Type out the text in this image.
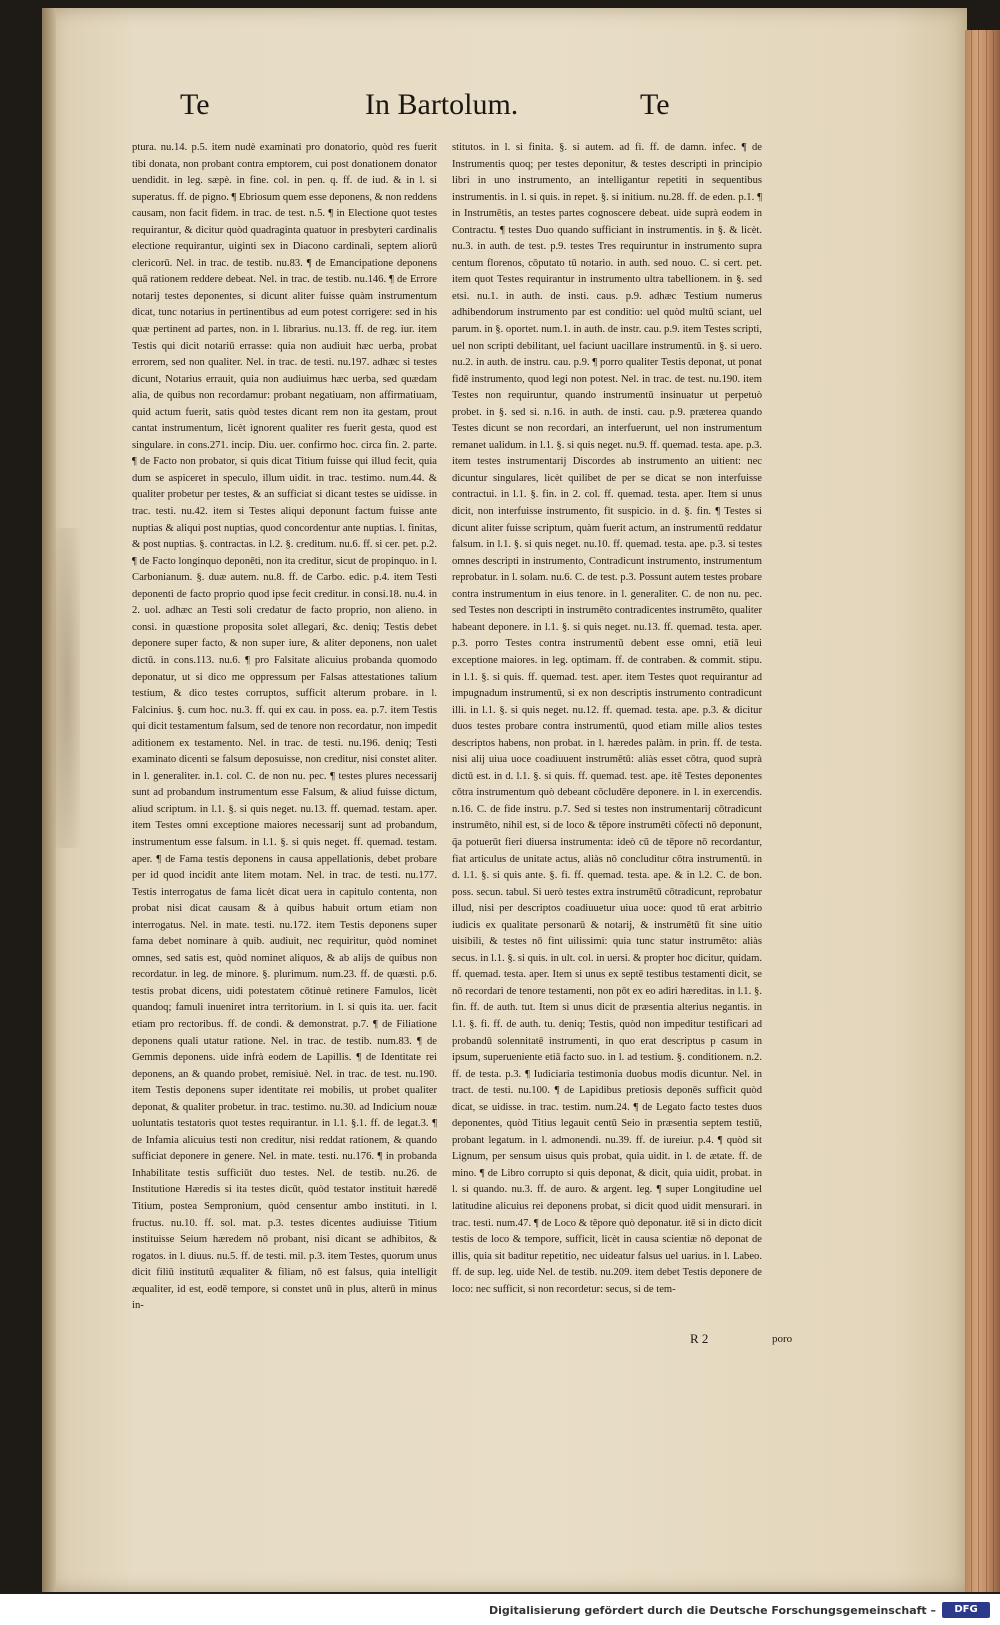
Te	In Bartolum.	Te

ptura. nu.14. p.5. item nudè examinati pro donatorio, quòd res fuerit tibi donata, non probant contra emptorem, cui post donationem donator uendidit. in leg. sæpè. in fine. col. in pen. q. ff. de iud. & in l. si superatus. ff. de pigno. ¶ Ebriosum quem esse deponens, & non reddens causam, non facit fidem. in trac. de test. n.5. ¶ in Electione quot testes requirantur, & dicitur quòd quadraginta quatuor in presbyteri cardinalis electione requirantur, uiginti sex in Diacono cardinali, septem aliorū clericorū. Nel. in trac. de testib. nu.83. ¶ de Emancipatione deponens quā rationem reddere debeat. Nel. in trac. de testib. nu.146. ¶ de Errore notarij testes deponentes, si dicunt aliter fuisse quàm instrumentum dicat, tunc notarius in pertinentibus ad eum potest corrigere: sed in his quæ pertinent ad partes, non. in l. librarius. nu.13. ff. de reg. iur. item Testis qui dicit notariū errasse: quia non audiuit hæc uerba, probat errorem, sed non qualiter. Nel. in trac. de testi. nu.197. adhæc si testes dicunt, Notarius errauit, quia non audiuimus hæc uerba, sed quædam alia, de quibus non recordamur: probant negatiuam, non affirmatiuam, quid actum fuerit, satis quòd testes dicant rem non ita gestam, prout cantat instrumentum, licèt ignorent qualiter res fuerit gesta, quod est singulare. in cons.271. incip. Diu. uer. confirmo hoc. circa fin. 2. parte. ¶ de Facto non probator, si quis dicat Titium fuisse qui illud fecit, quia dum se aspiceret in speculo, illum uidit. in trac. testimo. num.44. & qualiter probetur per testes, & an sufficiat si dicant testes se uidisse. in trac. testi. nu.42. item si Testes aliqui deponunt factum fuisse ante nuptias & aliqui post nuptias, quod concordentur ante nuptias. l. finitas, & post nuptias. §. contractas. in l.2. §. creditum. nu.6. ff. si cer. pet. p.2. ¶ de Facto longinquo deponēti, non ita creditur, sicut de propinquo. in l. Carbonianum. §. duæ autem. nu.8. ff. de Carbo. edic. p.4. item Testi deponenti de facto proprio quod ipse fecit creditur. in consi.18. nu.4. in 2. uol. adhæc an Testi soli credatur de facto proprio, non alieno. in consi. in quæstione proposita solet allegari, &c. deniq; Testis debet deponere super facto, & non super iure, & aliter deponens, non ualet dictū. in cons.113. nu.6. ¶ pro Falsitate alicuius probanda quomodo deponatur, ut si dico me oppressum per Falsas attestationes talium testium, & dico testes corruptos, sufficit alterum probare. in l. Falcinius. §. cum hoc. nu.3. ff. qui ex cau. in poss. ea. p.7. item Testis qui dicit testamentum falsum, sed de tenore non recordatur, non impedit aditionem ex testamento. Nel. in trac. de testi. nu.196. deniq; Testi examinato dicenti se falsum deposuisse, non creditur, nisi constet aliter. in l. generaliter. in.1. col. C. de non nu. pec. ¶ testes plures necessarij sunt ad probandum instrumentum esse Falsum, & aliud fuisse dictum, aliud scriptum. in l.1. §. si quis neget. nu.13. ff. quemad. testam. aper. item Testes omni exceptione maiores necessarij sunt ad probandum, instrumentum esse falsum. in l.1. §. si quis neget. ff. quemad. testam. aper. ¶ de Fama testis deponens in causa appellationis, debet probare per id quod incidit ante litem motam. Nel. in trac. de testi. nu.177. Testis interrogatus de fama licèt dicat uera in capitulo contenta, non probat nisi dicat causam & à quibus habuit ortum etiam non interrogatus. Nel. in mate. testi. nu.172. item Testis deponens super fama debet nominare à quib. audiuit, nec requiritur, quòd nominet omnes, sed satis est, quòd nominet aliquos, & ab alijs de quibus non recordatur. in leg. de minore. §. plurimum. num.23. ff. de quæsti. p.6. testis probat dicens, uidi potestatem cōtinuè retinere Famulos, licèt quandoq; famuli inueniret intra territorium. in l. si quis ita. uer. facit etiam pro rectoribus. ff. de condi. & demonstrat. p.7. ¶ de Filiatione deponens quali utatur ratione. Nel. in trac. de testib. num.83. ¶ de Gemmis deponens. uide infrà eodem de Lapillis. ¶ de Identitate rei deponens, an & quando probet, remisiuè. Nel. in trac. de test. nu.190. item Testis deponens super identitate rei mobilis, ut probet qualiter deponat, & qualiter probetur. in trac. testimo. nu.30. ad Indicium nouæ uoluntatis testatoris quot testes requirantur. in l.1. §.1. ff. de legat.3. ¶ de Infamia alicuius testi non creditur, nisi reddat rationem, & quando sufficiat deponere in genere. Nel. in mate. testi. nu.176. ¶ in probanda Inhabilitate testis sufficiūt duo testes. Nel. de testib. nu.26. de Institutione Hæredis si ita testes dicūt, quòd testator instituit hæredē Titium, postea Sempronium, quòd censentur ambo instituti. in l. fructus. nu.10. ff. sol. mat. p.3. testes dicentes audiuisse Titium instituisse Seium hæredem nō probant, nisi dicant se adhibitos, & rogatos. in l. diuus. nu.5. ff. de testi. mil. p.3. item Testes, quorum unus dicit filiū institutū æqualiter & filiam, nō est falsus, quia intelligit æqualiter, id est, eodē tempore, si constet unū in plus, alterū in minus in-

stitutos. in l. si finita. §. si autem. ad fi. ff. de damn. infec. ¶ de Instrumentis quoq; per testes deponitur, & testes descripti in principio libri in uno instrumento, an intelligantur repetiti in sequentibus instrumentis. in l. si quis. in repet. §. si initium. nu.28. ff. de eden. p.1. ¶ in Instrumētis, an testes partes cognoscere debeat. uide suprà eodem in Contractu. ¶ testes Duo quando sufficiant in instrumentis. in §. & licèt. nu.3. in auth. de test. p.9. testes Tres requiruntur in instrumento supra centum florenos, cōputato tū notario. in auth. sed nouo. C. si cert. pet. item quot Testes requirantur in instrumento ultra tabellionem. in §. sed etsi. nu.1. in auth. de insti. caus. p.9. adhæc Testium numerus adhibendorum instrumento par est conditio: uel quòd multū sciant, uel parum. in §. oportet. num.1. in auth. de instr. cau. p.9. item Testes scripti, uel non scripti debilitant, uel faciunt uacillare instrumentū. in §. si uero. nu.2. in auth. de instru. cau. p.9. ¶ porro qualiter Testis deponat, ut ponat fidē instrumento, quod legi non potest. Nel. in trac. de test. nu.190. item Testes non requiruntur, quando instrumentū insinuatur ut perpetuò probet. in §. sed si. n.16. in auth. de insti. cau. p.9. præterea quando Testes dicunt se non recordari, an interfuerunt, uel non instrumentum remanet ualidum. in l.1. §. si quis neget. nu.9. ff. quemad. testa. ape. p.3. item testes instrumentarij Discordes ab instrumento an uitient: nec dicuntur singulares, licèt quilibet de per se dicat se non interfuisse contractui. in l.1. §. fin. in 2. col. ff. quemad. testa. aper. Item si unus dicit, non interfuisse instrumento, fit suspicio. in d. §. fin. ¶ Testes si dicunt aliter fuisse scriptum, quàm fuerit actum, an instrumentū reddatur falsum. in l.1. §. si quis neget. nu.10. ff. quemad. testa. ape. p.3. si testes omnes descripti in instrumento, Contradicunt instrumento, instrumentum reprobatur. in l. solam. nu.6. C. de test. p.3. Possunt autem testes probare contra instrumentum in eius tenore. in l. generaliter. C. de non nu. pec. sed Testes non descripti in instrumēto contradicentes instrumēto, qualiter habeant deponere. in l.1. §. si quis neget. nu.13. ff. quemad. testa. aper. p.3. porro Testes contra instrumentū debent esse omni, etiā leui exceptione maiores. in leg. optimam. ff. de contraben. & commit. stipu. in l.1. §. si quis. ff. quemad. test. aper. item Testes quot requirantur ad impugnadum instrumentū, si ex non descriptis instrumento contradicunt illi. in l.1. §. si quis neget. nu.12. ff. quemad. testa. ape. p.3. & dicitur duos testes probare contra instrumentū, quod etiam mille alios testes descriptos habens, non probat. in l. hæredes palàm. in prin. ff. de testa. nisi alij uiua uoce coadiuuent instrumētū: aliàs esset cōtra, quod suprà dictū est. in d. l.1. §. si quis. ff. quemad. test. ape. itē Testes deponentes cōtra instrumentum quò debeant cōcludēre deponere. in l. in exercendis. n.16. C. de fide instru. p.7. Sed si testes non instrumentarij cōtradicunt instrumēto, nihil est, si de loco & tēpore instrumēti cōfecti nō deponunt, q̃a potuerūt fieri diuersa instrumenta: ideò cū de tēpore nō recordantur, fiat articulus de unitate actus, aliàs nō concluditur cōtra instrumentū. in d. l.1. §. si quis ante. §. fi. ff. quemad. testa. ape. & in l.2. C. de bon. poss. secun. tabul. Si uerò testes extra instrumētū cōtradicunt, reprobatur illud, nisi per descriptos coadiuuetur uiua uoce: quod tū erat arbitrio iudicis ex qualitate personarū & notarij, & instrumētū fit sine uitio uisibili, & testes nō fint uilissimi: quia tunc statur instrumēto: aliàs secus. in l.1. §. si quis. in ult. col. in uersi. & propter hoc dicitur, quidam. ff. quemad. testa. aper. Item si unus ex septē testibus testamenti dicit, se nō recordari de tenore testamenti, non pōt ex eo adiri hæreditas. in l.1. §. fin. ff. de auth. tut. Item si unus dicit de præsentia alterius negantis. in l.1. §. fi. ff. de auth. tu. deniq; Testis, quòd non impeditur testificari ad probandū solennitatē instrumenti, in quo erat descriptus p casum in ipsum, superueniente etiā facto suo. in l. ad testium. §. conditionem. n.2. ff. de testa. p.3. ¶ Iudiciaria testimonia duobus modis dicuntur. Nel. in tract. de testi. nu.100. ¶ de Lapidibus pretiosis deponēs sufficit quòd dicat, se uidisse. in trac. testim. num.24. ¶ de Legato facto testes duos deponentes, quòd Titius legauit centū Seio in præsentia septem testiū, probant legatum. in l. admonendi. nu.39. ff. de iureiur. p.4. ¶ quòd sit Lignum, per sensum uisus quis probat, quia uidit. in l. de ætate. ff. de mino. ¶ de Libro corrupto si quis deponat, & dicit, quia uidit, probat. in l. si quando. nu.3. ff. de auro. & argent. leg. ¶ super Longitudine uel latitudine alicuius rei deponens probat, si dicit quod uidit mensurari. in trac. testi. num.47. ¶ de Loco & tēpore quò deponatur. itē si in dicto dicit testis de loco & tempore, sufficit, licèt in causa scientiæ nō deponat de illis, quia sit baditur repetitio, nec uideatur falsus uel uarius. in l. Labeo. ff. de sup. leg. uide Nel. de testib. nu.209. item debet Testis deponere de loco: nec sufficit, si non recordetur: secus, si de tem-

R 2	poro
Digitalisierung gefördert durch die Deutsche Forschungsgemeinschaft –	DFG
